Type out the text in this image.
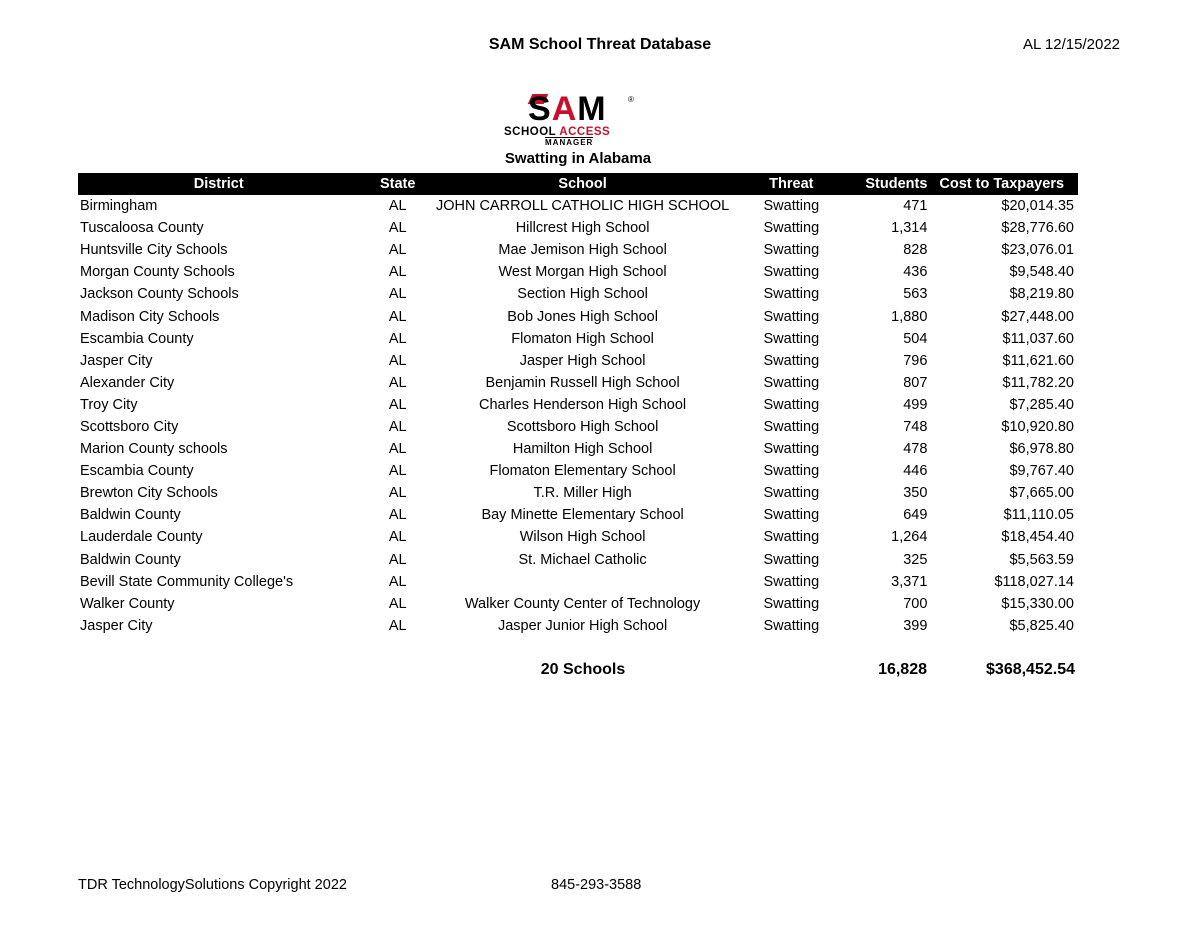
SAM School Threat Database	AL 12/15/2022
SAM	®
SCHOOL ACCESS
MANAGER
Swatting in Alabama
District	State	School	Threat	Students	Cost to Taxpayers
Birmingham	AL	JOHN CARROLL CATHOLIC HIGH SCHOOL	Swatting	471	$20,014.35
Tuscaloosa County	AL	Hillcrest High School	Swatting	1,314	$28,776.60
Huntsville City Schools	AL	Mae Jemison High School	Swatting	828	$23,076.01
Morgan County Schools	AL	West Morgan High School	Swatting	436	$9,548.40
Jackson County Schools	AL	Section High School	Swatting	563	$8,219.80
Madison City Schools	AL	Bob Jones High School	Swatting	1,880	$27,448.00
Escambia County	AL	Flomaton High School	Swatting	504	$11,037.60
Jasper City	AL	Jasper High School	Swatting	796	$11,621.60
Alexander City	AL	Benjamin Russell High School	Swatting	807	$11,782.20
Troy City	AL	Charles Henderson High School	Swatting	499	$7,285.40
Scottsboro City	AL	Scottsboro High School	Swatting	748	$10,920.80
Marion County schools	AL	Hamilton High School	Swatting	478	$6,978.80
Escambia County	AL	Flomaton Elementary School	Swatting	446	$9,767.40
Brewton City Schools	AL	T.R. Miller High	Swatting	350	$7,665.00
Baldwin County	AL	Bay Minette Elementary School	Swatting	649	$11,110.05
Lauderdale County	AL	Wilson High School	Swatting	1,264	$18,454.40
Baldwin County	AL	St. Michael Catholic	Swatting	325	$5,563.59
Bevill State Community College's	AL		Swatting	3,371	$118,027.14
Walker County	AL	Walker County Center of Technology	Swatting	700	$15,330.00
Jasper City	AL	Jasper Junior High School	Swatting	399	$5,825.40
20 Schools	16,828	$368,452.54
TDR TechnologySolutions Copyright 2022	845-293-3588
